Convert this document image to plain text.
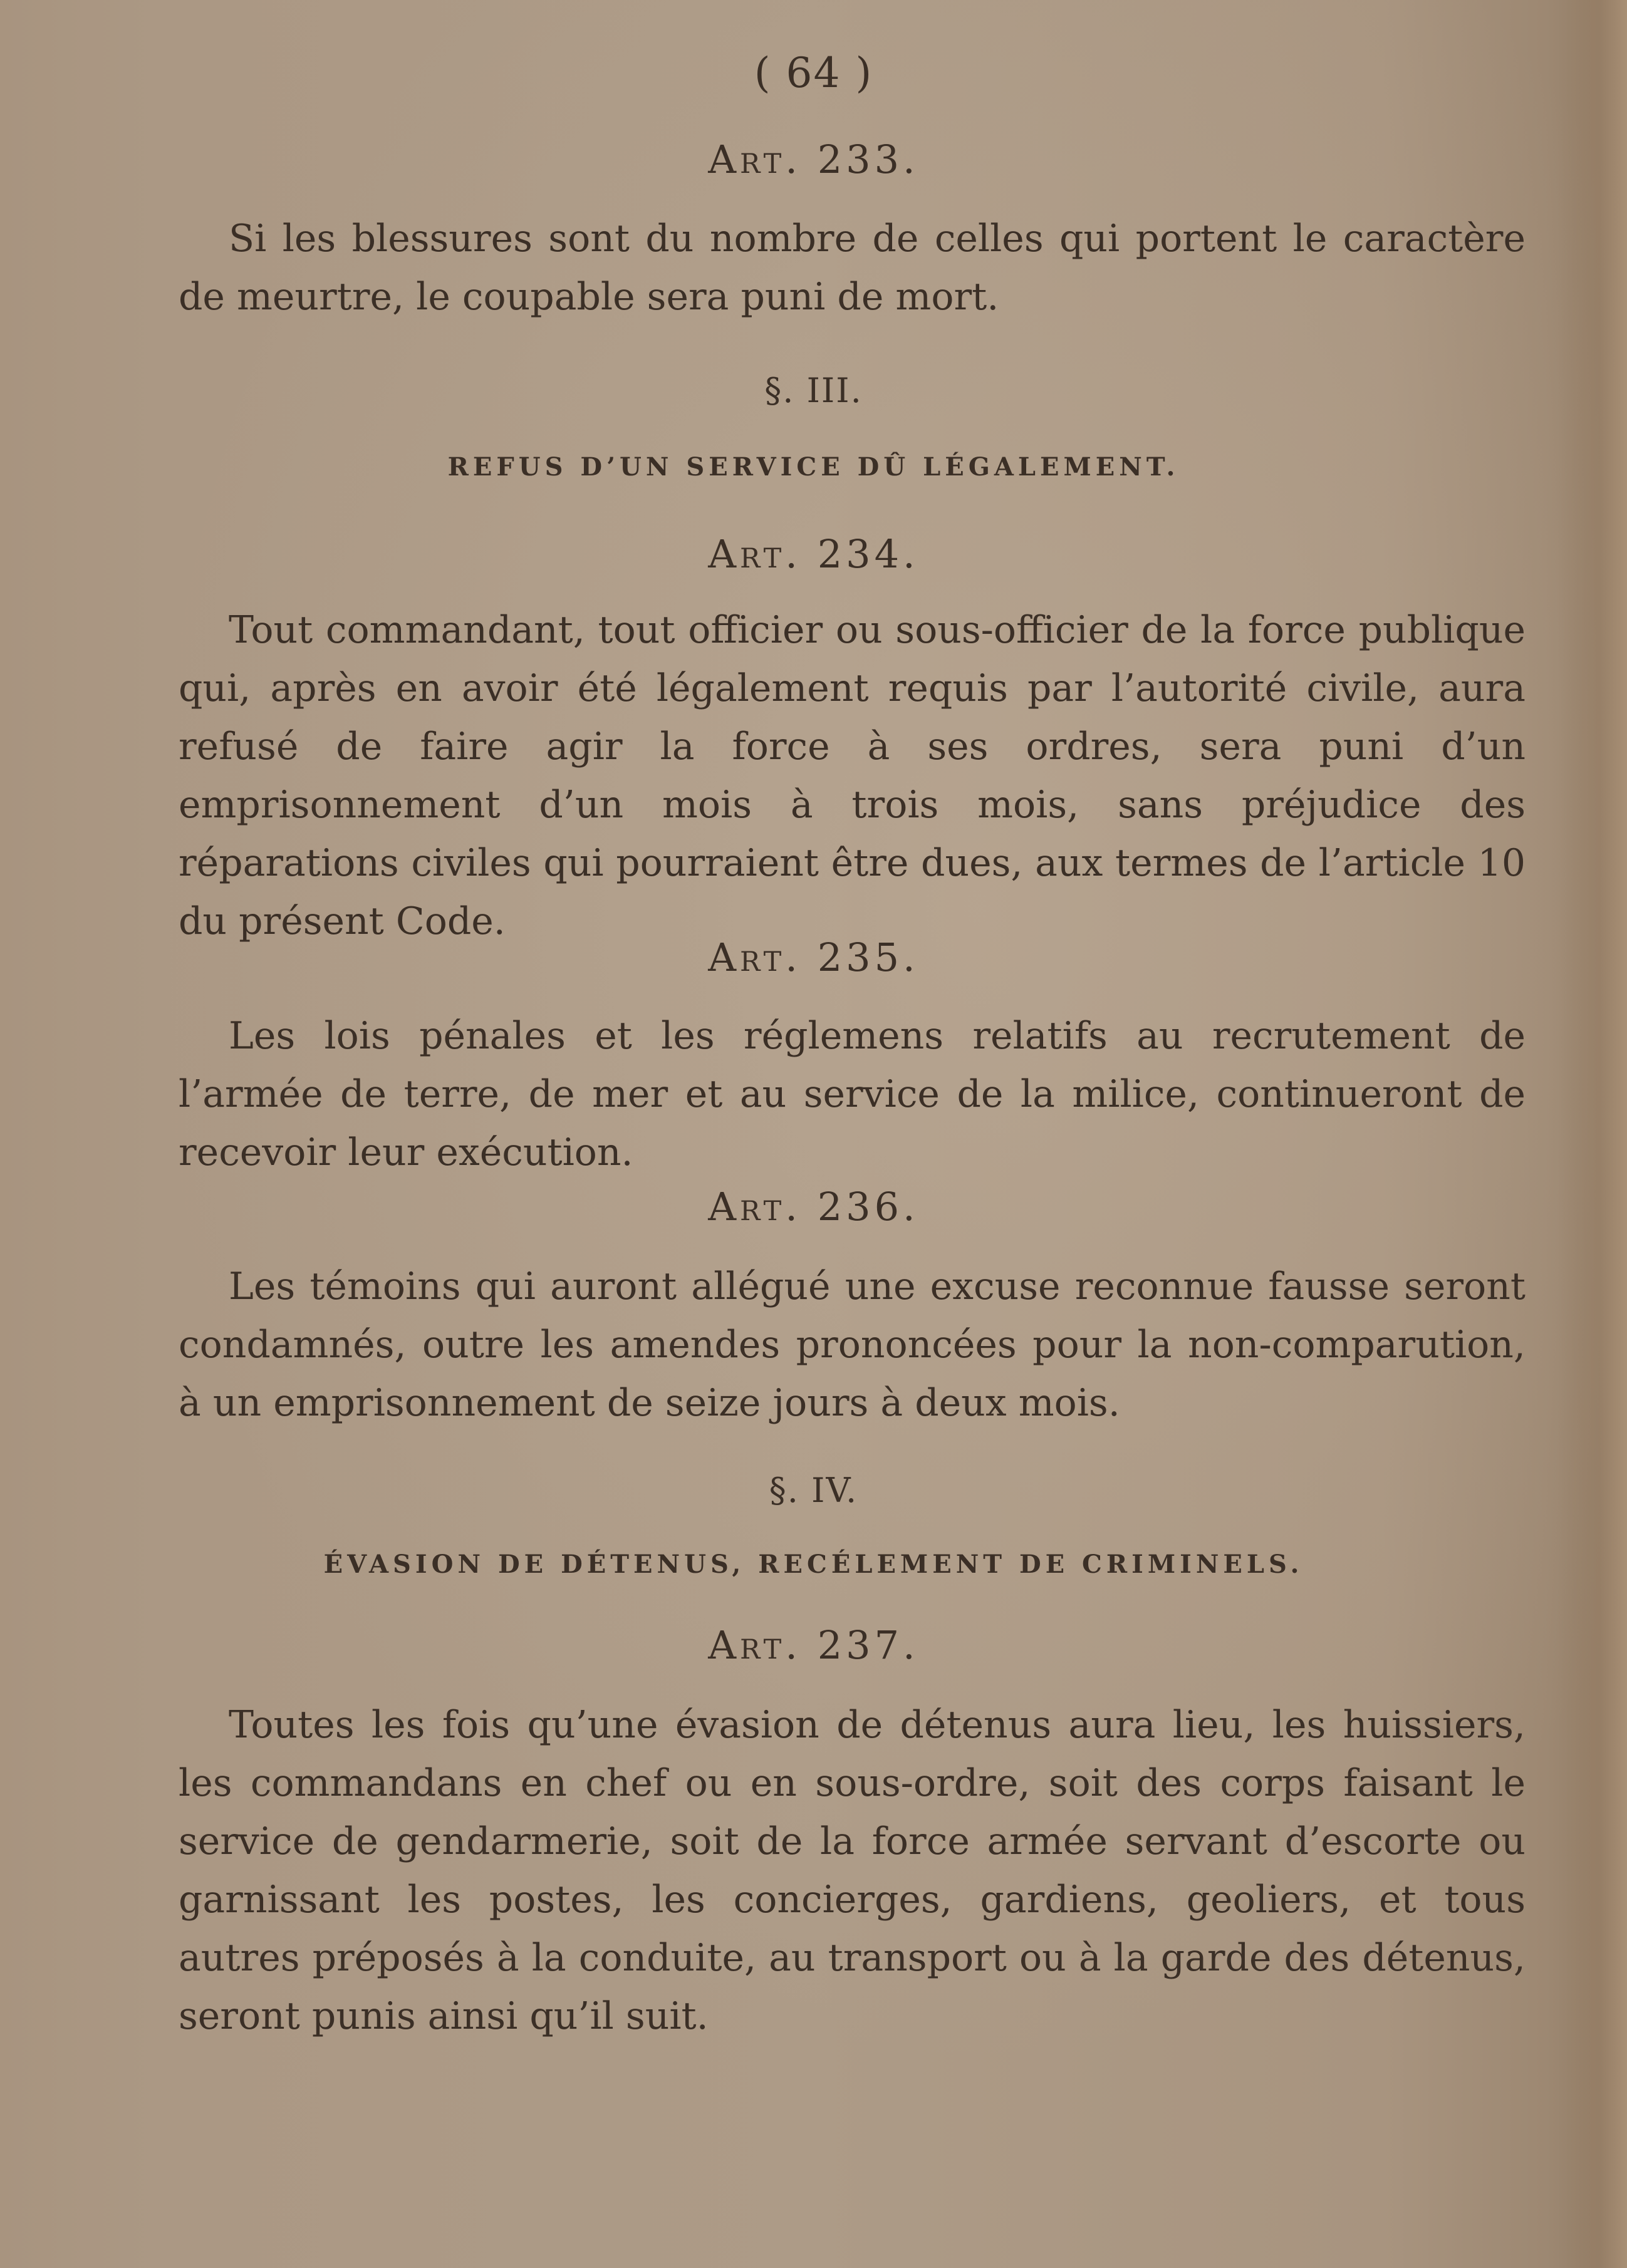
( 64 )
Art. 233.
Si les blessures sont du nombre de celles qui portent le caractère de meurtre, le coupable sera puni de mort.
§. III.
REFUS D’UN SERVICE DÛ LÉGALEMENT.
Art. 234.
Tout commandant, tout officier ou sous-officier de la force publique qui, après en avoir été légalement requis par l’autorité civile, aura refusé de faire agir la force à ses ordres, sera puni d’un emprisonnement d’un mois à trois mois, sans préjudice des réparations civiles qui pourraient être dues, aux termes de l’article 10 du présent Code.
Art. 235.
Les lois pénales et les réglemens relatifs au recrutement de l’armée de terre, de mer et au service de la milice, continueront de recevoir leur exécution.
Art. 236.
Les témoins qui auront allégué une excuse reconnue fausse seront condamnés, outre les amendes prononcées pour la non-comparution, à un emprisonnement de seize jours à deux mois.
§. IV.
ÉVASION DE DÉTENUS, RECÉLEMENT DE CRIMINELS.
Art. 237.
Toutes les fois qu’une évasion de détenus aura lieu, les huissiers, les commandans en chef ou en sous-ordre, soit des corps faisant le service de gendarmerie, soit de la force armée servant d’escorte ou garnissant les postes, les concierges, gardiens, geoliers, et tous autres préposés à la conduite, au transport ou à la garde des détenus, seront punis ainsi qu’il suit.
